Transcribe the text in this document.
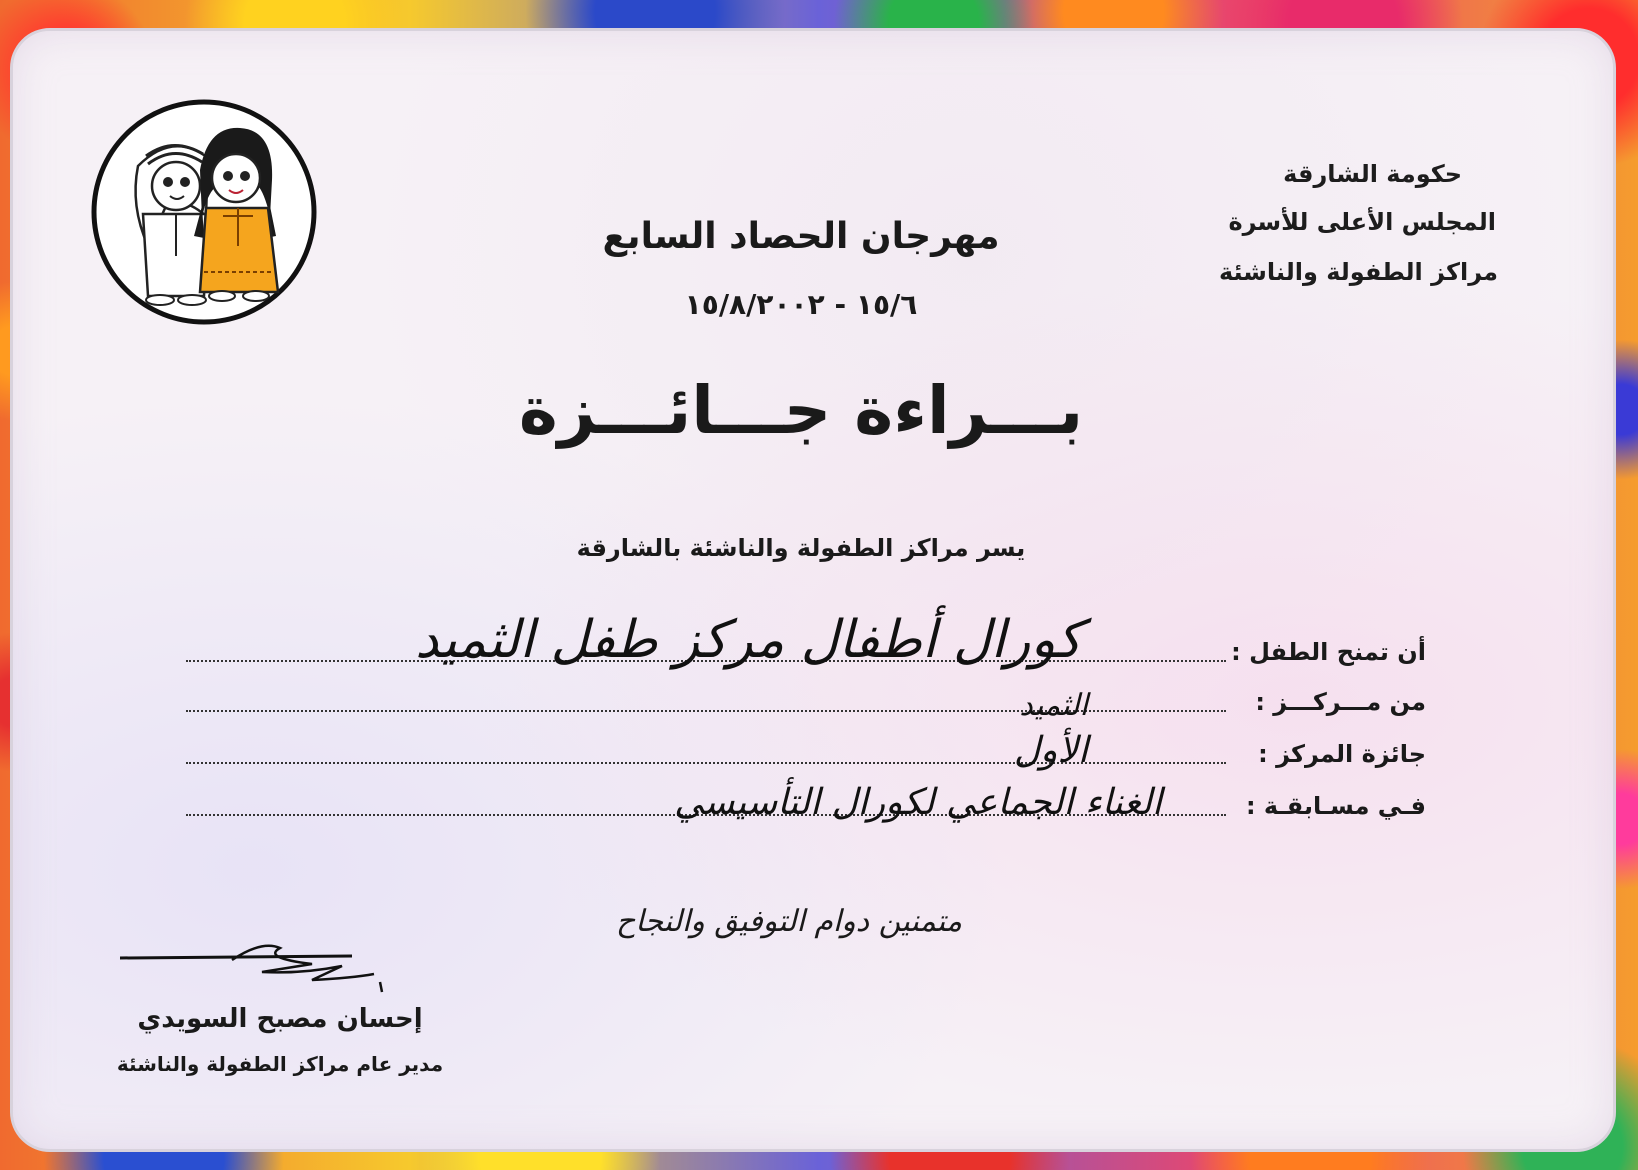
حكومة الشارقة
المجلس الأعلى للأسرة
مراكز الطفولة والناشئة
مهرجان الحصاد السابع
١٥/٦ - ١٥/٨/٢٠٠٢
بـــراءة جـــائـــزة
يسر مراكز الطفولة والناشئة بالشارقة
أن تمنح الطفل :
كورال أطفال مركز طفل الثميد
من مـــركـــز :
الثميد
جائزة المركز :
الأول
فـي مسـابقـة :
الغناء الجماعي لكورال التأسيسي
متمنين دوام التوفيق والنجاح
إحسان مصبح السويدي
مدير عام مراكز الطفولة والناشئة
